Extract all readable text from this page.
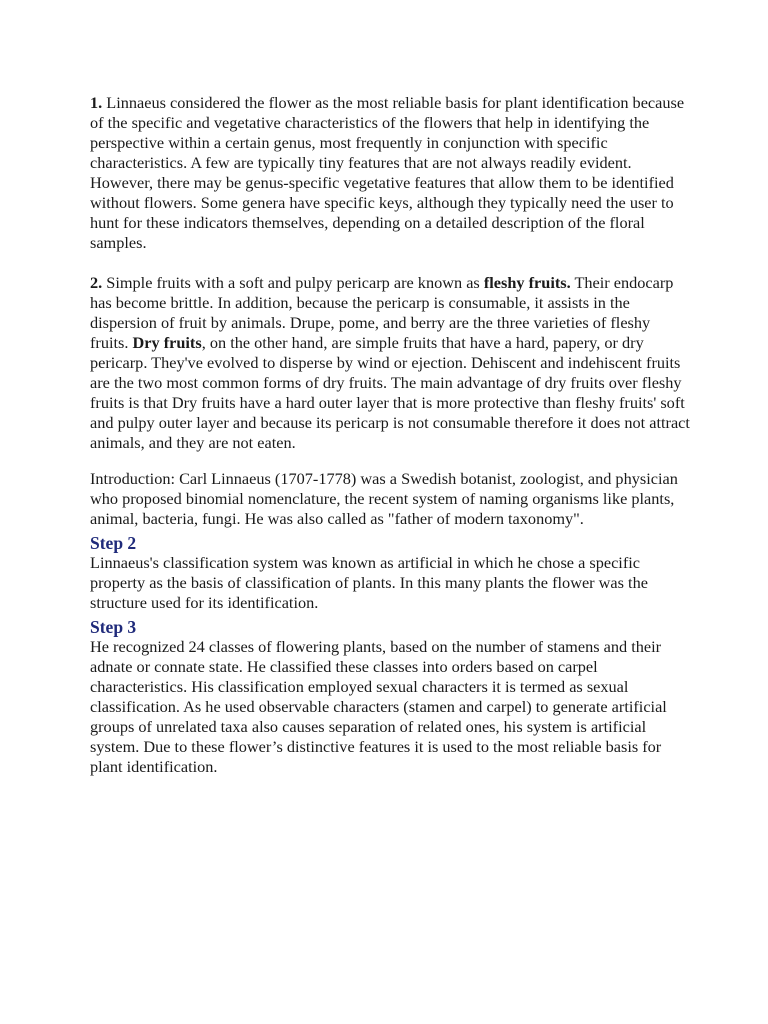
1. Linnaeus considered the flower as the most reliable basis for plant identification because of the specific and vegetative characteristics of the flowers that help in identifying the perspective within a certain genus, most frequently in conjunction with specific characteristics. A few are typically tiny features that are not always readily evident. However, there may be genus-specific vegetative features that allow them to be identified without flowers. Some genera have specific keys, although they typically need the user to hunt for these indicators themselves, depending on a detailed description of the floral samples.

2. Simple fruits with a soft and pulpy pericarp are known as fleshy fruits. Their endocarp has become brittle. In addition, because the pericarp is consumable, it assists in the dispersion of fruit by animals. Drupe, pome, and berry are the three varieties of fleshy fruits. Dry fruits, on the other hand, are simple fruits that have a hard, papery, or dry pericarp. They've evolved to disperse by wind or ejection. Dehiscent and indehiscent fruits are the two most common forms of dry fruits. The main advantage of dry fruits over fleshy fruits is that Dry fruits have a hard outer layer that is more protective than fleshy fruits' soft and pulpy outer layer and because its pericarp is not consumable therefore it does not attract animals, and they are not eaten.

Introduction: Carl Linnaeus (1707-1778) was a Swedish botanist, zoologist, and physician who proposed binomial nomenclature, the recent system of naming organisms like plants, animal, bacteria, fungi. He was also called as "father of modern taxonomy".

Step 2

Linnaeus's classification system was known as artificial in which he chose a specific property as the basis of classification of plants. In this many plants the flower was the structure used for its identification.

Step 3

He recognized 24 classes of flowering plants, based on the number of stamens and their adnate or connate state. He classified these classes into orders based on carpel characteristics. His classification employed sexual characters it is termed as sexual classification. As he used observable characters (stamen and carpel) to generate artificial groups of unrelated taxa also causes separation of related ones, his system is artificial system. Due to these flower’s distinctive features it is used to the most reliable basis for plant identification.
